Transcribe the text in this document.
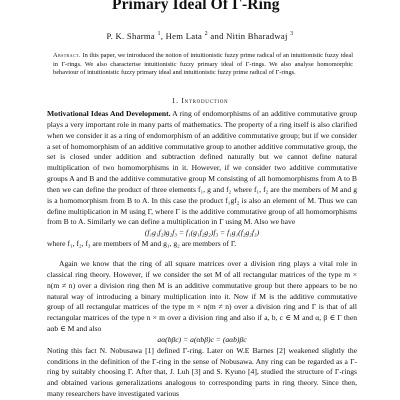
Primary Ideal Of Γ-Ring
P. K. Sharma $^1$, Hem Lata $^2$ and Nitin Bharadwaj $^3$
Abstract. In this paper, we introduced the notion of intuitionistic fuzzy prime radical of an intuitionistic fuzzy ideal in Γ-rings. We also characterise intuitionistic fuzzy primary ideal of Γ-rings. We also analyse homomorphic behaviour of intuitionistic fuzzy primary ideal and intuitionistic fuzzy prime radical of Γ-rings.
1. Introduction

Motivational Ideas And Development. A ring of endomorphisms of an additive commutative group plays a very important role in many parts of mathematics. The property of a ring itself is also clarified when we consider it as a ring of endomorphism of an additive commutative group; but if we consider a set of homomorphism of an additive commutative group to another additive commutative group, the set is closed under addition and subtraction defined naturally but we cannot define natural multiplication of two homomorphisms in it. However, if we consider two additive commutative groups A and B and the additive commutative group M consisting of all homomorphisms from A to B then we can define the product of three elements f₁, g and f₂ where f₁, f₂ are the members of M and g is a homomorphism from B to A. In this case the product f₁gf₂ is also an element of M. Thus we can define multiplication in M using Γ, where Γ is the additive commutative group of all homomorphisms from B to A. Similarly we can define a multiplication in Γ using M. Also we have

(f₁g₁f₂)g₂f₃ = f₁(g₁f₂g₂)f₃ = f₁g₁(f₂g₂f₃)

where f₁, f₂, f₃ are members of M and g₁, g₂ are members of Γ.

Again we know that the ring of all square matrices over a division ring plays a vital role in classical ring theory. However, if we consider the set M of all rectangular matrices of the type m × n(m ≠ n) over a division ring then M is an additive commutative group but there appears to be no natural way of introducing a binary multiplication into it. Now if M is the additive commutative group of all rectangular matrices of the type m × n(m ≠ n) over a division ring and Γ is that of all rectangular matrices of the type n × m over a division ring and also if a, b, c ∈ M and α, β ∈ Γ then aαb ∈ M and also

aα(bβc) = a(αbβ)c = (aαb)βc

Noting this fact N. Nobusawa [1] defined Γ-ring. Later on W.E Barnes [2] weakened slightly the conditions in the definition of the Γ-ring in the sense of Nobusawa. Any ring can be regarded as a Γ-ring by suitably choosing Γ. After that, J. Luh [3] and S. Kyuno [4], studied the structure of Γ-rings and obtained various generalizations analogous to corresponding parts in ring theory. Since then, many researchers have investigated various
